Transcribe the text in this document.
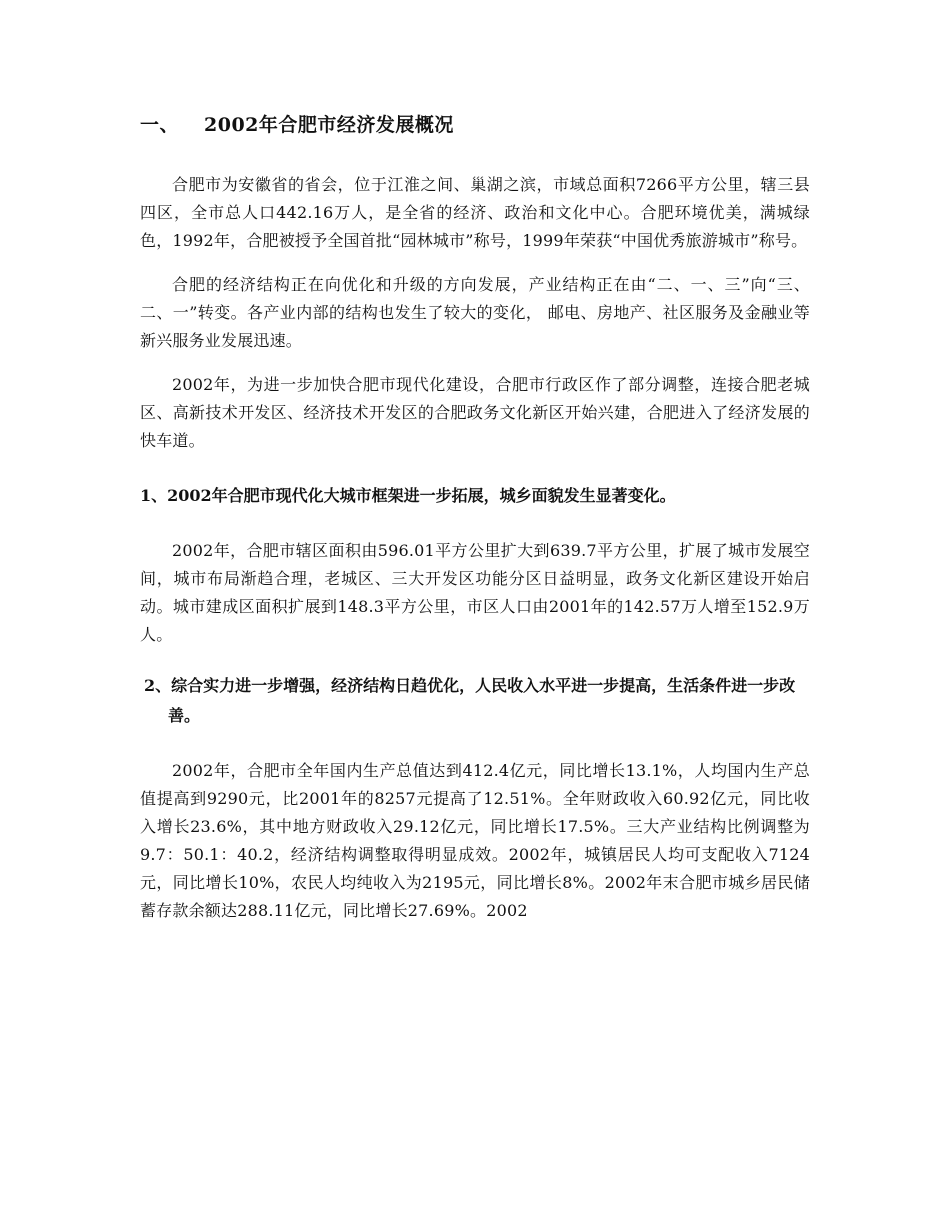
一、 2002年合肥市经济发展概况

合肥市为安徽省的省会，位于江淮之间、巢湖之滨，市域总面积7266平方公里，辖三县四区，全市总人口442.16万人，是全省的经济、政治和文化中心。合肥环境优美，满城绿色，1992年，合肥被授予全国首批“园林城市”称号，1999年荣获“中国优秀旅游城市”称号。

合肥的经济结构正在向优化和升级的方向发展，产业结构正在由“二、一、三”向“三、二、一”转变。各产业内部的结构也发生了较大的变化， 邮电、房地产、社区服务及金融业等新兴服务业发展迅速。

2002年，为进一步加快合肥市现代化建设，合肥市行政区作了部分调整，连接合肥老城区、高新技术开发区、经济技术开发区的合肥政务文化新区开始兴建，合肥进入了经济发展的快车道。

1、2002年合肥市现代化大城市框架进一步拓展，城乡面貌发生显著变化。

2002年，合肥市辖区面积由596.01平方公里扩大到639.7平方公里，扩展了城市发展空间，城市布局渐趋合理，老城区、三大开发区功能分区日益明显，政务文化新区建设开始启动。城市建成区面积扩展到148.3平方公里，市区人口由2001年的142.57万人增至152.9万人。

2、综合实力进一步增强，经济结构日趋优化，人民收入水平进一步提高，生活条件进一步改善。

2002年，合肥市全年国内生产总值达到412.4亿元，同比增长13.1%，人均国内生产总值提高到9290元，比2001年的8257元提高了12.51%。全年财政收入60.92亿元，同比收入增长23.6%，其中地方财政收入29.12亿元，同比增长17.5%。三大产业结构比例调整为9.7：50.1：40.2，经济结构调整取得明显成效。2002年，城镇居民人均可支配收入7124元，同比增长10%，农民人均纯收入为2195元，同比增长8%。2002年末合肥市城乡居民储蓄存款余额达288.11亿元，同比增长27.69%。2002
